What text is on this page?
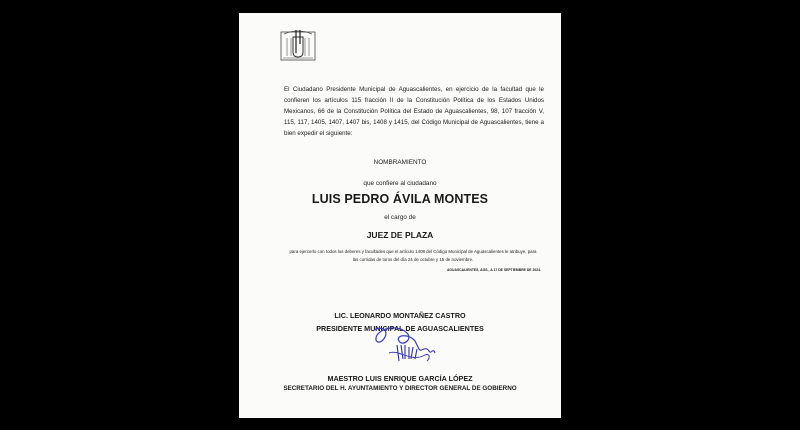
El Ciudadano Presidente Municipal de Aguascalientes, en ejercicio de la facultad que le confieren los artículos 115 fracción II de la Constitución Política de los Estados Unidos Mexicanos, 66 de la Constitución Política del Estado de Aguascalientes, 98, 107 fracción V, 115, 117, 1405, 1407, 1407 bis, 1408 y 1415, del Código Municipal de Aguascalientes, tiene a bien expedir el siguiente:

NOMBRAMIENTO
que confiere al ciudadano
LUIS PEDRO ÁVILA MONTES
el cargo de
JUEZ DE PLAZA
para ejercerlo con todos los deberes y facultades que el artículo 1408 del Código Municipal de Aguascalientes le atribuye, para las corridas de toros del día 24 de octubre y 15 de noviembre.
AGUASCALIENTES, AGS., A 17 DE SEPTIEMBRE DE 2024.
LIC. LEONARDO MONTAÑEZ CASTRO
PRESIDENTE MUNICIPAL DE AGUASCALIENTES
MAESTRO LUIS ENRIQUE GARCÍA LÓPEZ
SECRETARIO DEL H. AYUNTAMIENTO Y DIRECTOR GENERAL DE GOBIERNO
